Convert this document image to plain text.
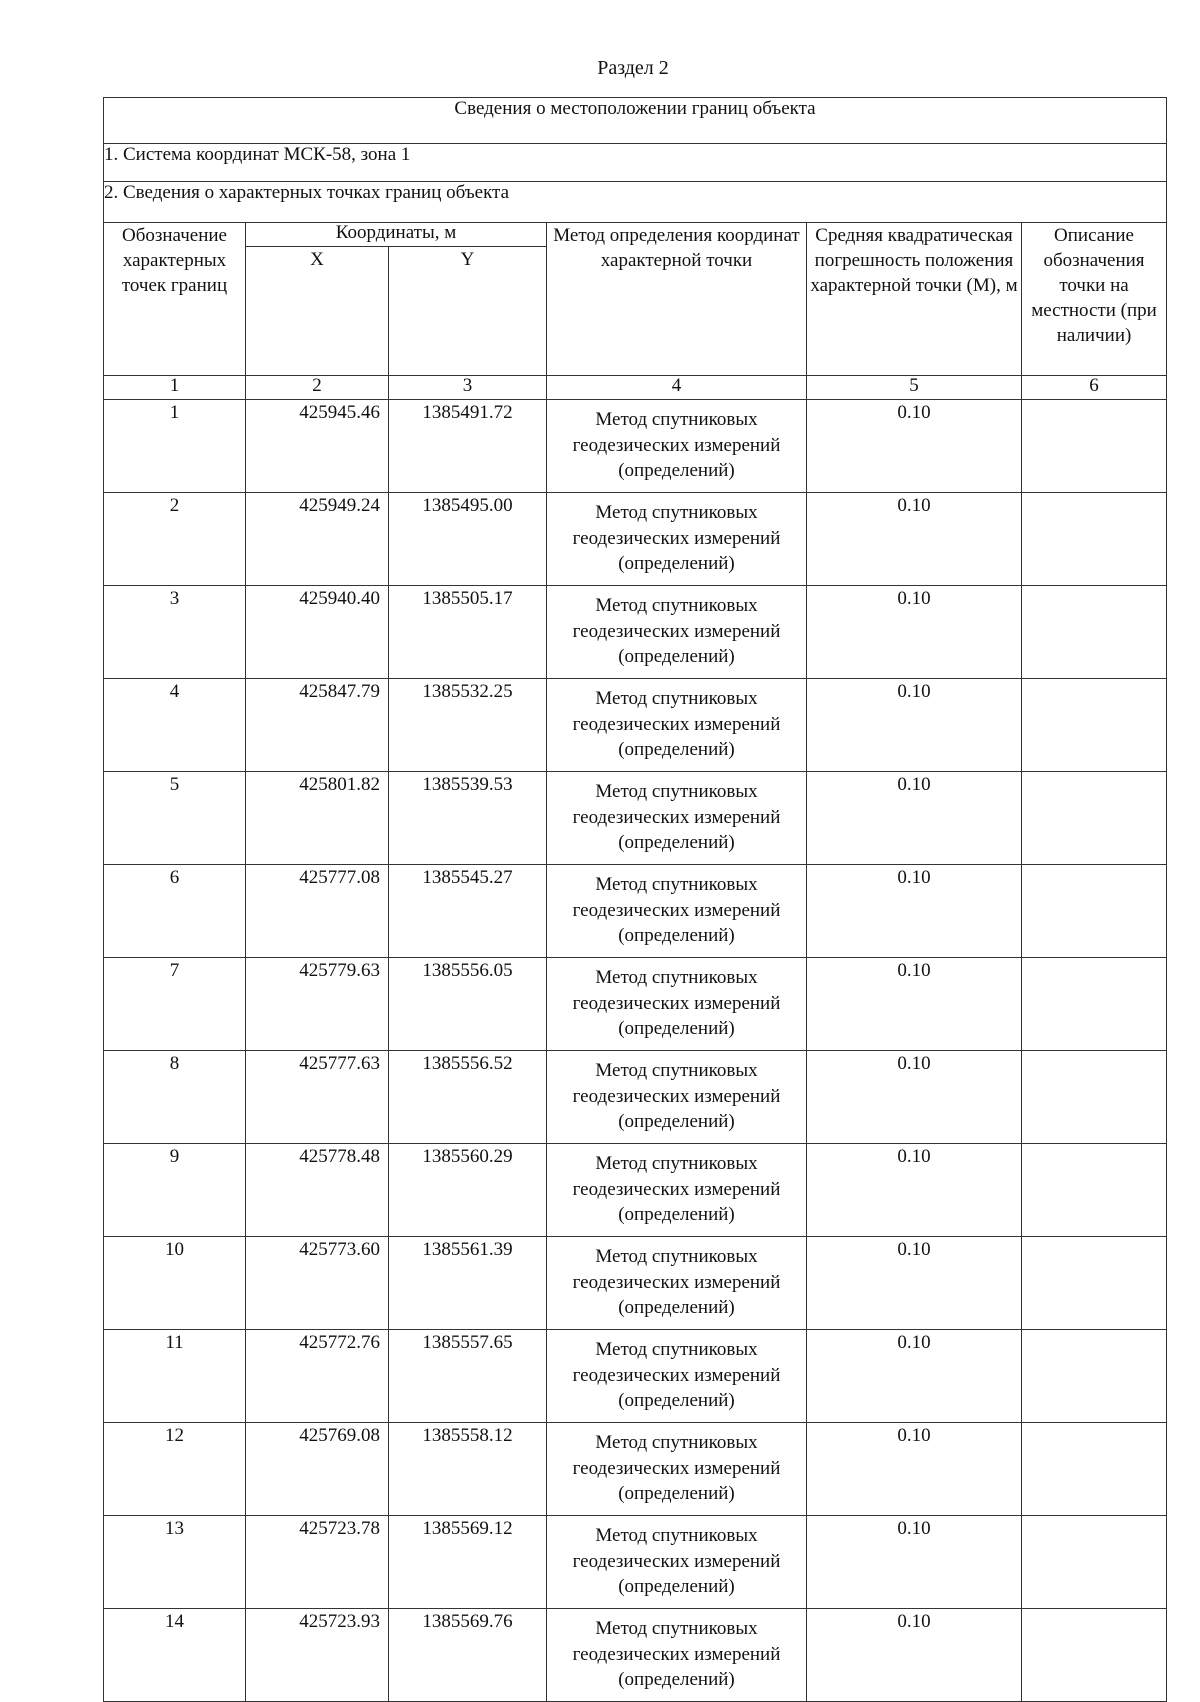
Раздел 2
Сведения о местоположении границ объекта					
1. Система координат МСК-58, зона 1					
2. Сведения о характерных точках границ объекта					
Обозначение характерных точек границ	Координаты, м		Метод определения координат характерной точки	Средняя квадратическая погрешность положения характерной точки (М), м	Описание обозначения точки на местности (при наличии)
	X	Y			
1	2	3	4	5	6
1	425945.46	1385491.72	Метод спутниковых геодезических измерений (определений)	0.10	
2	425949.24	1385495.00	Метод спутниковых геодезических измерений (определений)	0.10	
3	425940.40	1385505.17	Метод спутниковых геодезических измерений (определений)	0.10	
4	425847.79	1385532.25	Метод спутниковых геодезических измерений (определений)	0.10	
5	425801.82	1385539.53	Метод спутниковых геодезических измерений (определений)	0.10	
6	425777.08	1385545.27	Метод спутниковых геодезических измерений (определений)	0.10	
7	425779.63	1385556.05	Метод спутниковых геодезических измерений (определений)	0.10	
8	425777.63	1385556.52	Метод спутниковых геодезических измерений (определений)	0.10	
9	425778.48	1385560.29	Метод спутниковых геодезических измерений (определений)	0.10	
10	425773.60	1385561.39	Метод спутниковых геодезических измерений (определений)	0.10	
11	425772.76	1385557.65	Метод спутниковых геодезических измерений (определений)	0.10	
12	425769.08	1385558.12	Метод спутниковых геодезических измерений (определений)	0.10	
13	425723.78	1385569.12	Метод спутниковых геодезических измерений (определений)	0.10	
14	425723.93	1385569.76	Метод спутниковых геодезических измерений (определений)	0.10	
